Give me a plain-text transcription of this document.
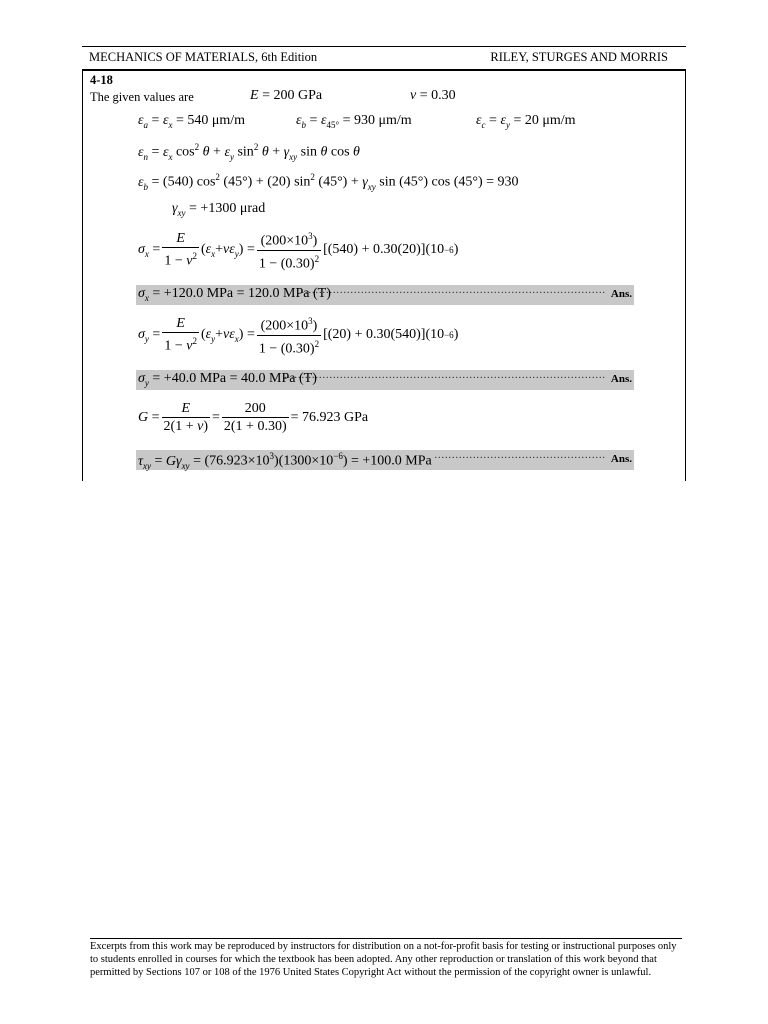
MECHANICS OF MATERIALS, 6th Edition	RILEY, STURGES AND MORRIS
4-18
The given values are	E = 200 GPa	ν = 0.30
$\varepsilon_a = \varepsilon_x = 540$ μm/m	$\varepsilon_b = \varepsilon_{45^\circ} = 930$ μm/m	$\varepsilon_c = \varepsilon_y = 20$ μm/m
$\varepsilon_n = \varepsilon_x$ $\cos^2 \theta + \varepsilon_y$ $\sin^2 \theta + \gamma_{xy}$ sin θ cos θ
$\varepsilon_b = (540)$ $\cos^2 (45^\circ) + (20)$ $\sin^2 (45^\circ) + \gamma_{xy}$ sin (45°) cos (45°) = 930
$\gamma_{xy} = +1300$ μrad
$\sigma_x = \frac{E}{1 - \nu^2}$ ( $\varepsilon_x + \nu\varepsilon_y$ ) = $\frac{(200\times 10^3)}{1 - (0.30)^2} [(540) + 0.30(20)](10 -6$ )
$\sigma_x = +120.0$ MPa = 120.0 MPa (T)
....................................................................................... Ans.
$\sigma_y = \frac{E}{1 - \nu^2}$ ( $\varepsilon_y + \nu\varepsilon_x$ ) = $\frac{(200\times 10^3)}{1 - (0.30)^2} [(20) + 0.30(540)](10 -6$ )
$\sigma_y = +40.0$ MPa = 40.0 MPa (T)
............................................................................................ Ans.
$G = \frac{E}{2(1 + \nu)} = \frac{200}{2(1 + 0.30)} = 76.923$ GPa
$\tau_{xy} = G\gamma_{xy} = (76.923\times 10^3)(1300\times 10^{-6}) = +100.0$ MPa ................................................. Ans.
Excerpts from this work may be reproduced by instructors for distribution on a not-for-profit basis for testing or instructional purposes only to students enrolled in courses for which the textbook has been adopted. Any other reproduction or translation of this work beyond that permitted by Sections 107 or 108 of the 1976 United States Copyright Act without the permission of the copyright owner is unlawful.
